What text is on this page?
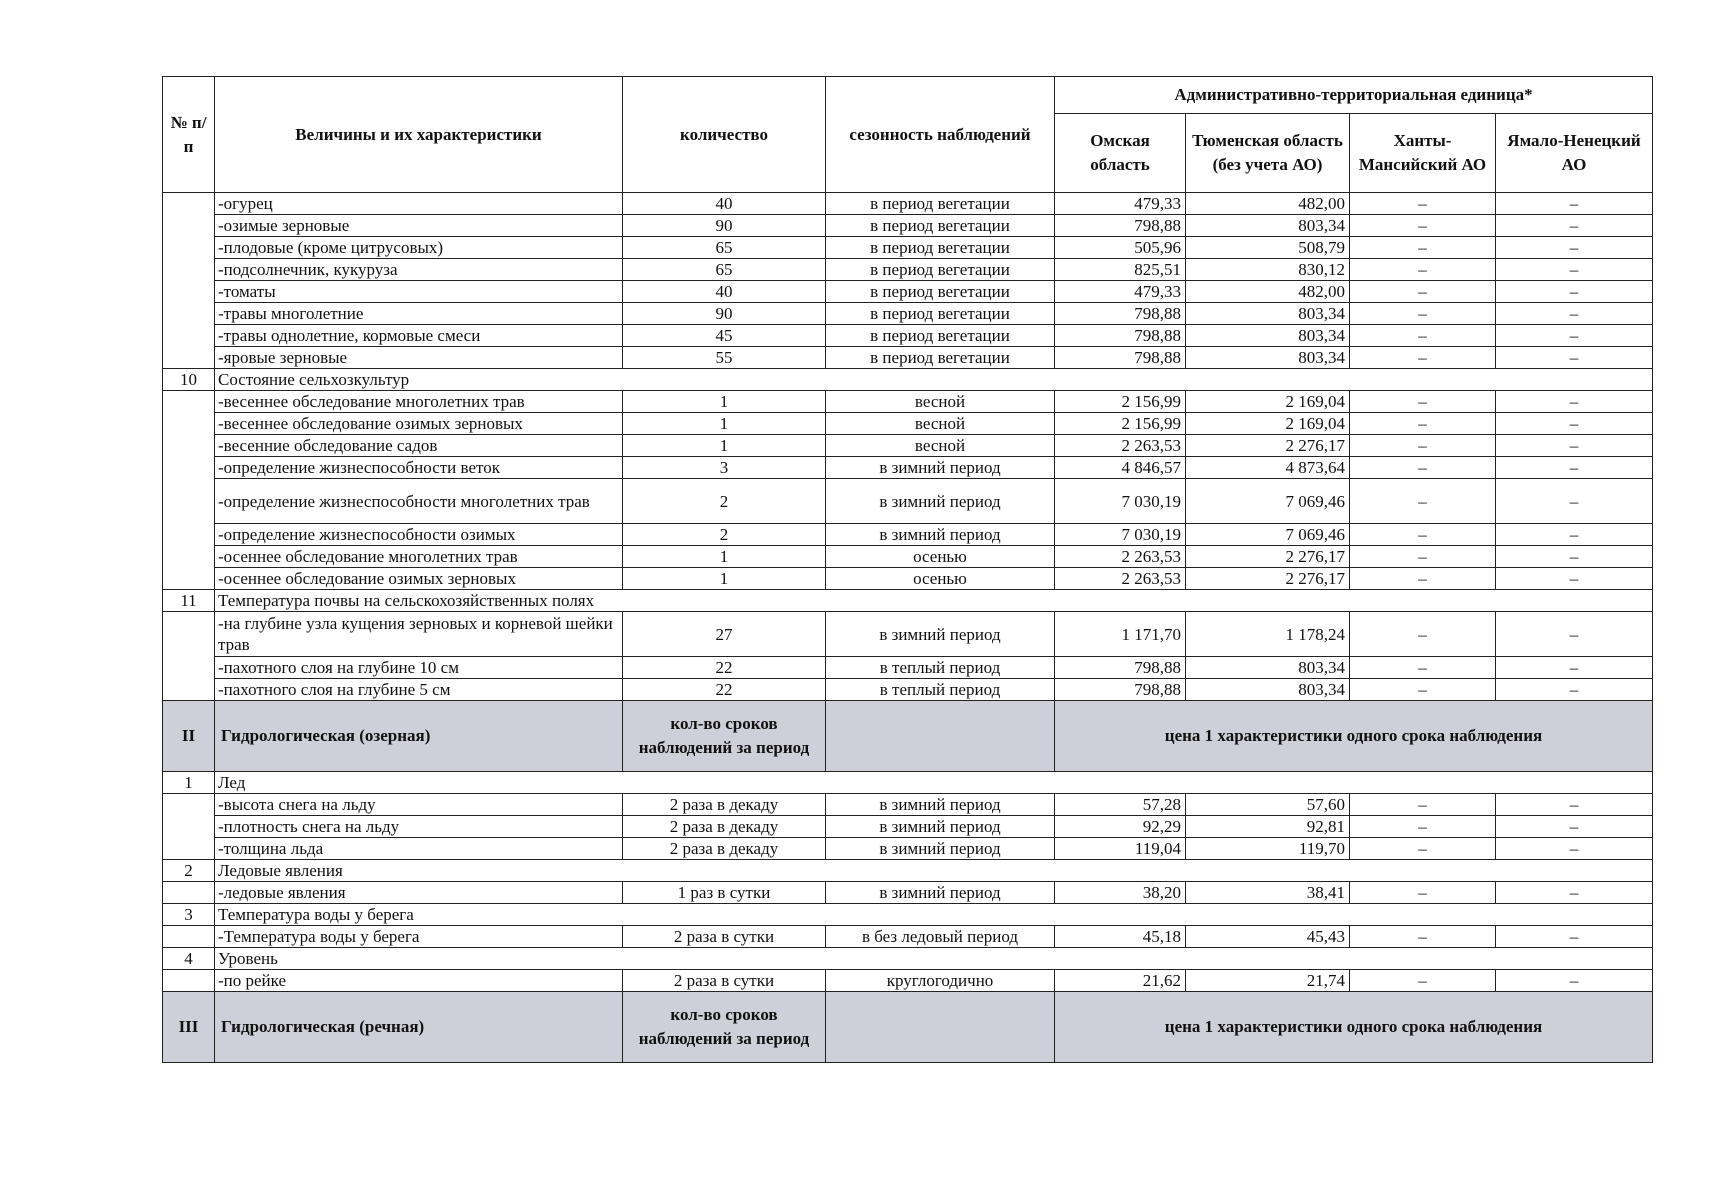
№ п/п	Величины и их характеристики	количество	сезонность наблюдений	Административно-территориальная единица*			
				Омская область	Тюменская область (без учета АО)	Ханты-Мансийский АО	Ямало-Ненецкий АО
	-огурец	40	в период вегетации	479,33	482,00	–	–
	-озимые зерновые	90	в период вегетации	798,88	803,34	–	–
	-плодовые (кроме цитрусовых)	65	в период вегетации	505,96	508,79	–	–
	-подсолнечник, кукуруза	65	в период вегетации	825,51	830,12	–	–
	-томаты	40	в период вегетации	479,33	482,00	–	–
	-травы многолетние	90	в период вегетации	798,88	803,34	–	–
	-травы однолетние, кормовые смеси	45	в период вегетации	798,88	803,34	–	–
	-яровые зерновые	55	в период вегетации	798,88	803,34	–	–
10	Состояние сельхозкультур						
	-весеннее обследование многолетних трав	1	весной	2 156,99	2 169,04	–	–
	-весеннее обследование озимых зерновых	1	весной	2 156,99	2 169,04	–	–
	-весенние обследование садов	1	весной	2 263,53	2 276,17	–	–
	-определение жизнеспособности веток	3	в зимний период	4 846,57	4 873,64	–	–
	-определение жизнеспособности многолетних трав	2	в зимний период	7 030,19	7 069,46	–	–
	-определение жизнеспособности озимых	2	в зимний период	7 030,19	7 069,46	–	–
	-осеннее обследование многолетних трав	1	осенью	2 263,53	2 276,17	–	–
	-осеннее обследование озимых зерновых	1	осенью	2 263,53	2 276,17	–	–
11	Температура почвы на сельскохозяйственных полях						
	-на глубине узла кущения зерновых и корневой шейки трав	27	в зимний период	1 171,70	1 178,24	–	–
	-пахотного слоя на глубине 10 см	22	в теплый период	798,88	803,34	–	–
	-пахотного слоя на глубине 5 см	22	в теплый период	798,88	803,34	–	–
II	Гидрологическая (озерная)	кол-во сроков наблюдений за период		цена 1 характеристики одного срока наблюдения			
1	Лед						
	-высота снега на льду	2 раза в декаду	в зимний период	57,28	57,60	–	–
	-плотность снега на льду	2 раза в декаду	в зимний период	92,29	92,81	–	–
	-толщина льда	2 раза в декаду	в зимний период	119,04	119,70	–	–
2	Ледовые явления						
	-ледовые явления	1 раз в сутки	в зимний период	38,20	38,41	–	–
3	Температура воды у берега						
	-Температура воды у берега	2 раза в сутки	в без ледовый период	45,18	45,43	–	–
4	Уровень						
	-по рейке	2 раза в сутки	круглогодично	21,62	21,74	–	–
III	Гидрологическая (речная)	кол-во сроков наблюдений за период		цена 1 характеристики одного срока наблюдения			
